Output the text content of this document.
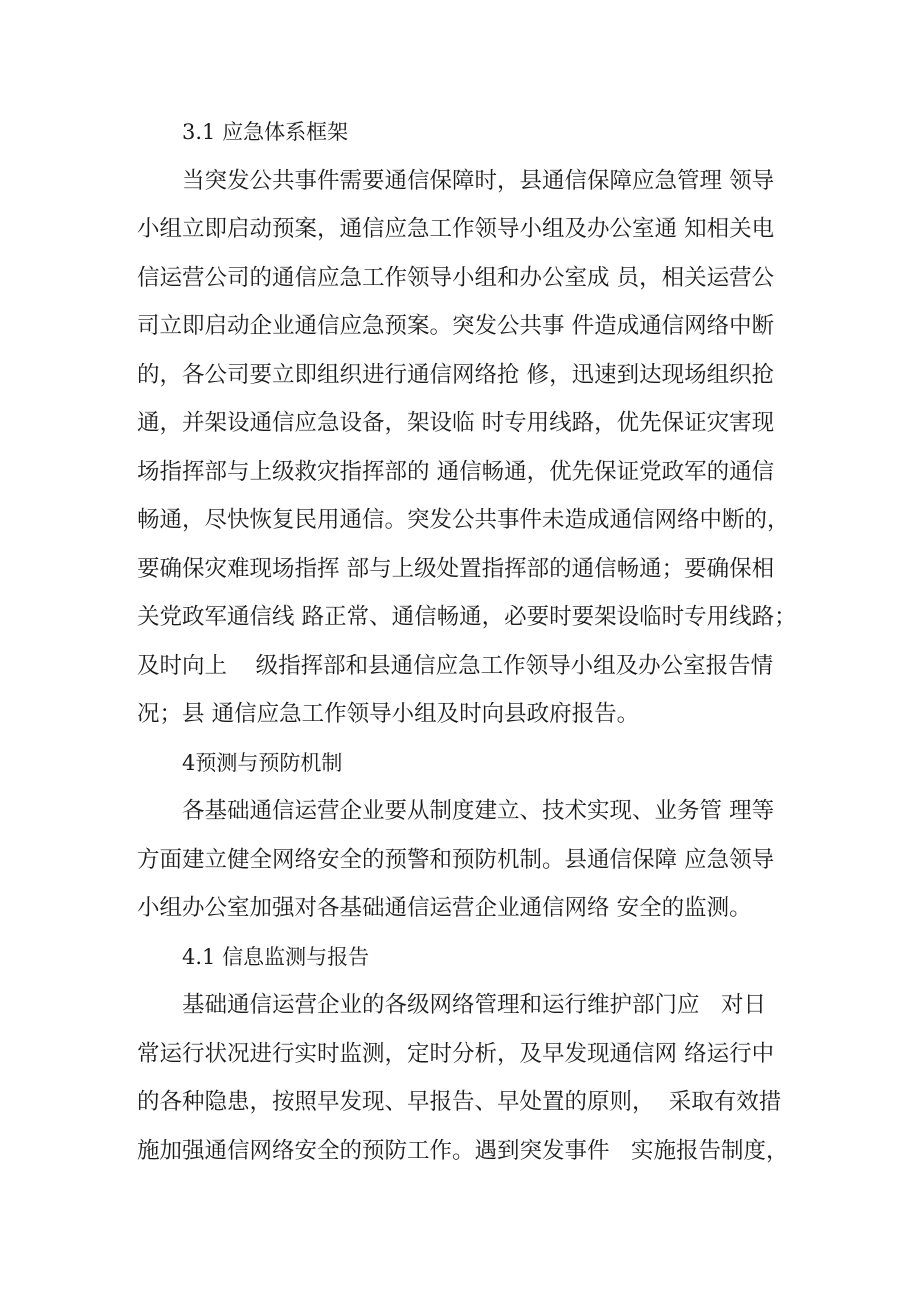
3.1 应急体系框架
当突发公共事件需要通信保障时，县通信保障应急管理 领导
小组立即启动预案，通信应急工作领导小组及办公室通 知相关电
信运营公司的通信应急工作领导小组和办公室成 员，相关运营公
司立即启动企业通信应急预案。突发公共事 件造成通信网络中断
的，各公司要立即组织进行通信网络抢 修，迅速到达现场组织抢
通，并架设通信应急设备，架设临 时专用线路，优先保证灾害现
场指挥部与上级救灾指挥部的 通信畅通，优先保证党政军的通信
畅通，尽快恢复民用通信。突发公共事件未造成通信网络中断的，
要确保灾难现场指挥 部与上级处置指挥部的通信畅通；要确保相
关党政军通信线 路正常、通信畅通，必要时要架设临时专用线路；
及时向上    级指挥部和县通信应急工作领导小组及办公室报告情
况；县 通信应急工作领导小组及时向县政府报告。
4预测与预防机制
各基础通信运营企业要从制度建立、技术实现、业务管 理等
方面建立健全网络安全的预警和预防机制。县通信保障 应急领导
小组办公室加强对各基础通信运营企业通信网络 安全的监测。
4.1 信息监测与报告
基础通信运营企业的各级网络管理和运行维护部门应   对日
常运行状况进行实时监测，定时分析，及早发现通信网 络运行中
的各种隐患，按照早发现、早报告、早处置的原则，  采取有效措
施加强通信网络安全的预防工作。遇到突发事件   实施报告制度，
